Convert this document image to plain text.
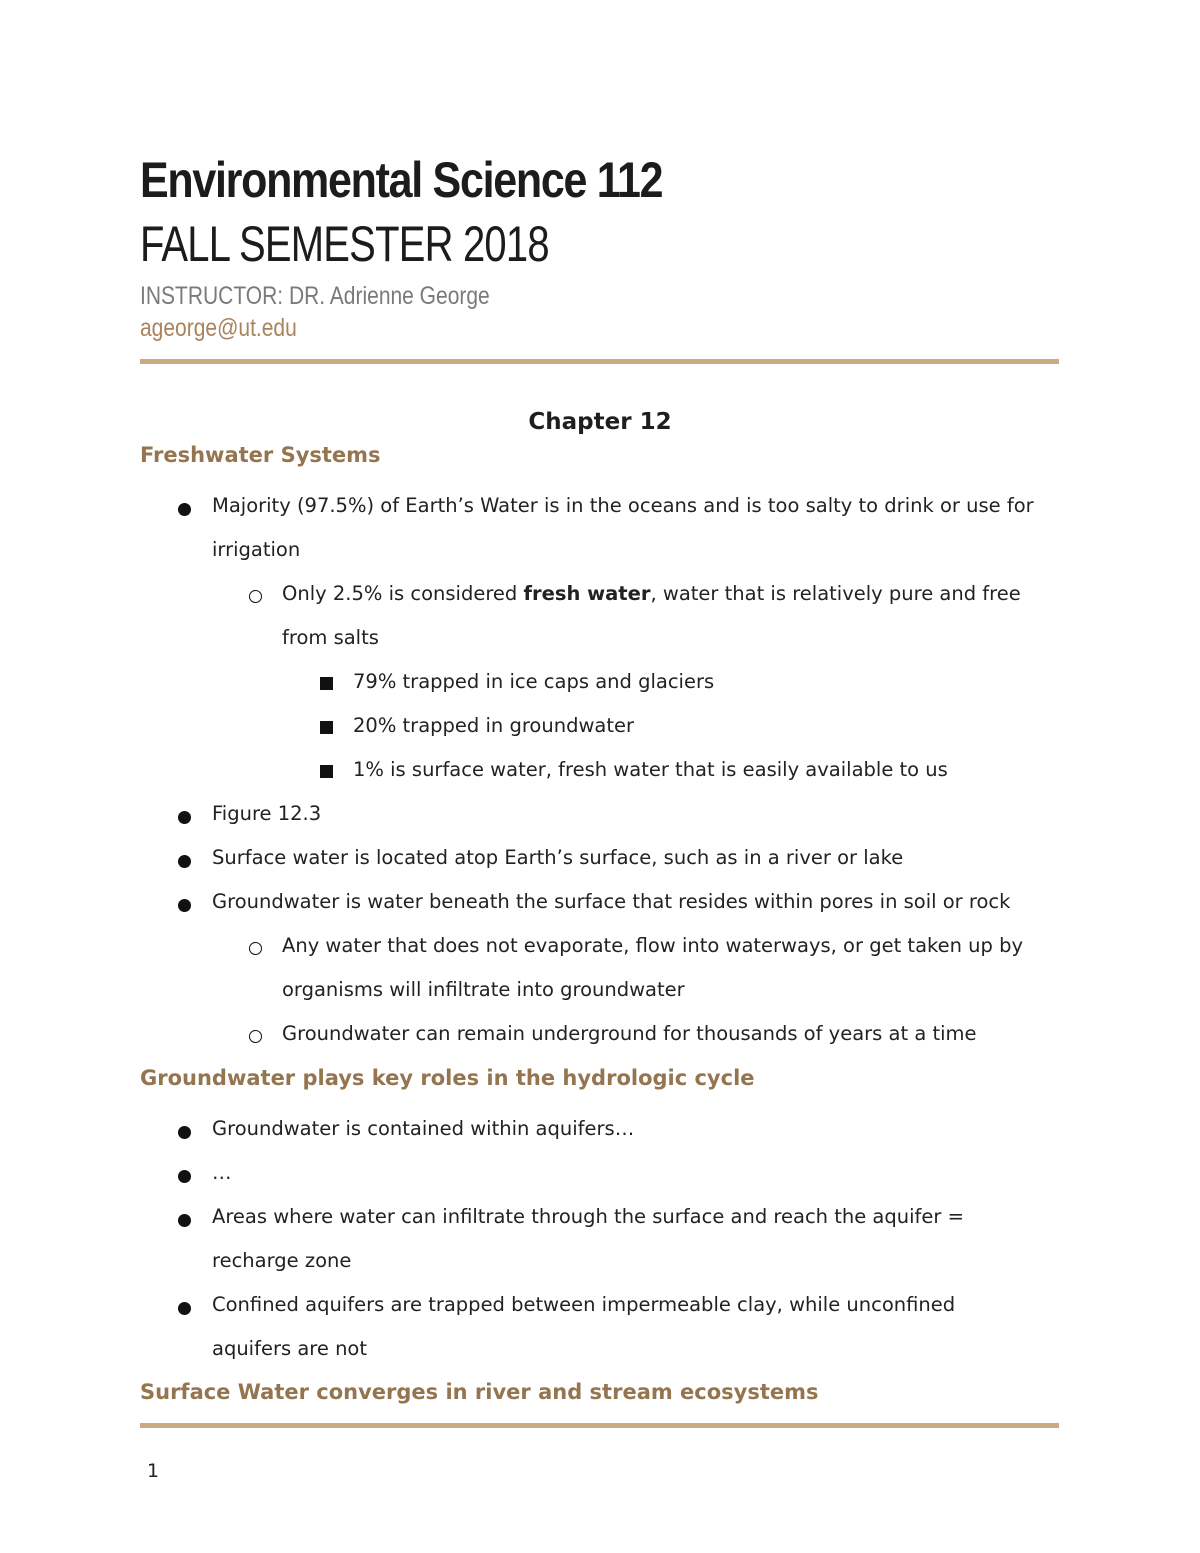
Environmental Science 112
FALL SEMESTER 2018
INSTRUCTOR: DR. Adrienne George
ageorge@ut.edu
Chapter 12
Freshwater Systems
Majority (97.5%) of Earth’s Water is in the oceans and is too salty to drink or use for
irrigation
Only 2.5% is considered fresh water, water that is relatively pure and free
from salts
79% trapped in ice caps and glaciers
20% trapped in groundwater
1% is surface water, fresh water that is easily available to us
Figure 12.3
Surface water is located atop Earth’s surface, such as in a river or lake
Groundwater is water beneath the surface that resides within pores in soil or rock
Any water that does not evaporate, flow into waterways, or get taken up by
organisms will infiltrate into groundwater
Groundwater can remain underground for thousands of years at a time
Groundwater plays key roles in the hydrologic cycle
Groundwater is contained within aquifers…
…
Areas where water can infiltrate through the surface and reach the aquifer =
recharge zone
Confined aquifers are trapped between impermeable clay, while unconfined
aquifers are not
Surface Water converges in river and stream ecosystems
1
